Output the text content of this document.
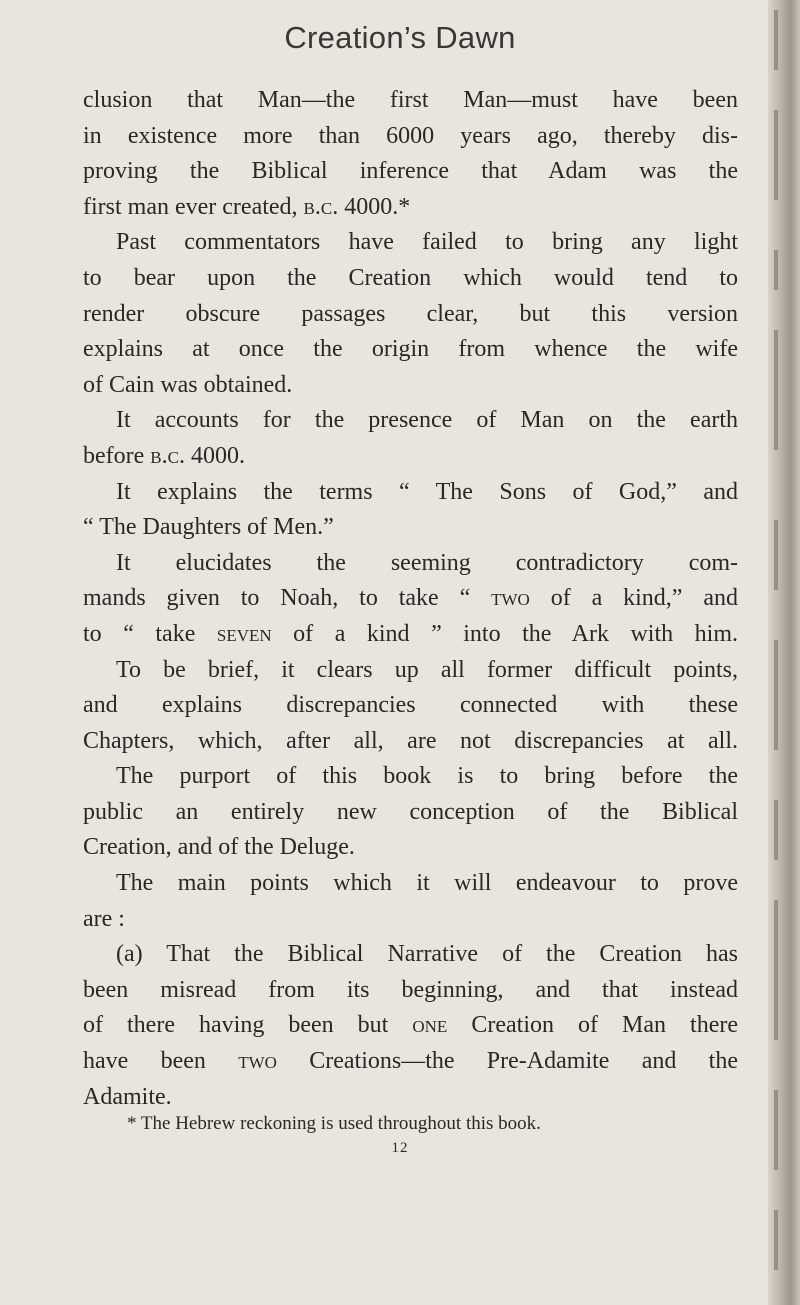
Creation’s Dawn
clusion that Man—the first Man—must have been
in existence more than 6000 years ago, thereby dis-
proving the Biblical inference that Adam was the
first man ever created, b.c. 4000.*
Past commentators have failed to bring any light
to bear upon the Creation which would tend to
render obscure passages clear, but this version
explains at once the origin from whence the wife
of Cain was obtained.
It accounts for the presence of Man on the earth
before b.c. 4000.
It explains the terms “ The Sons of God,” and
“ The Daughters of Men.”
It elucidates the seeming contradictory com-
mands given to Noah, to take “ two of a kind,” and
to “ take seven of a kind ” into the Ark with him.
To be brief, it clears up all former difficult points,
and explains discrepancies connected with these
Chapters, which, after all, are not discrepancies at all.
The purport of this book is to bring before the
public an entirely new conception of the Biblical
Creation, and of the Deluge.
The main points which it will endeavour to prove
are :
(a) That the Biblical Narrative of the Creation has
been misread from its beginning, and that instead
of there having been but one Creation of Man there
have been two Creations—the Pre-Adamite and the
Adamite.
* The Hebrew reckoning is used throughout this book.
12
